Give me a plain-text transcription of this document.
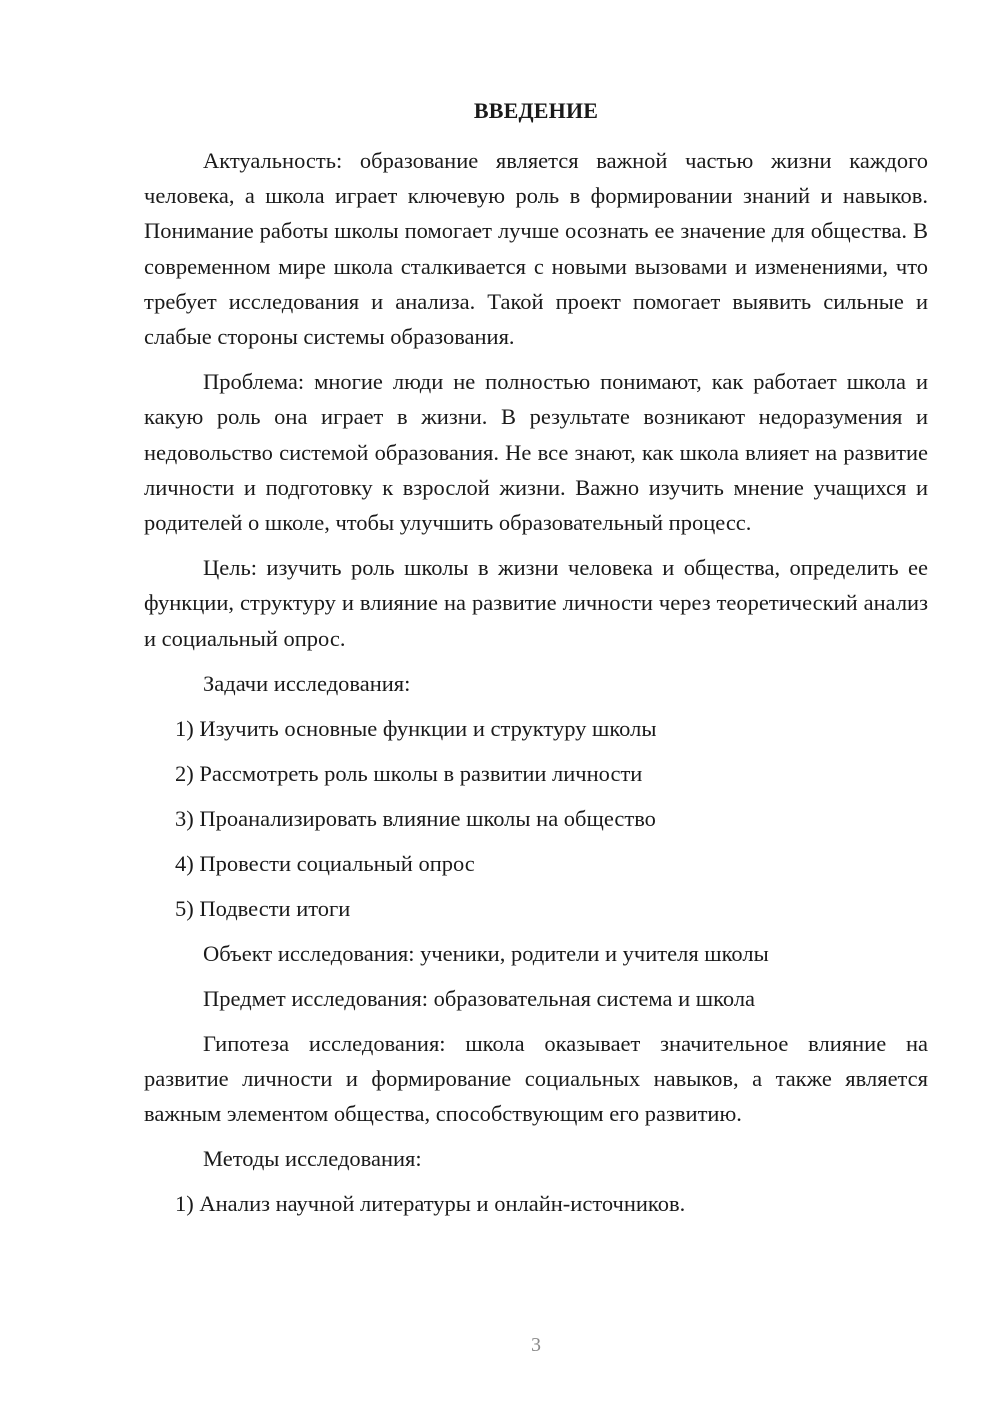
ВВЕДЕНИЕ

Актуальность: образование является важной частью жизни каждого человека, а школа играет ключевую роль в формировании знаний и навыков. Понимание работы школы помогает лучше осознать ее значение для общества. В современном мире школа сталкивается с новыми вызовами и изменениями, что требует исследования и анализа. Такой проект помогает выявить сильные и слабые стороны системы образования.

Проблема: многие люди не полностью понимают, как работает школа и какую роль она играет в жизни. В результате возникают недоразумения и недовольство системой образования. Не все знают, как школа влияет на развитие личности и подготовку к взрослой жизни. Важно изучить мнение учащихся и родителей о школе, чтобы улучшить образовательный процесс.

Цель: изучить роль школы в жизни человека и общества, определить ее функции, структуру и влияние на развитие личности через теоретический анализ и социальный опрос.

Задачи исследования:

1) Изучить основные функции и структуру школы

2) Рассмотреть роль школы в развитии личности

3) Проанализировать влияние школы на общество

4) Провести социальный опрос

5) Подвести итоги

Объект исследования: ученики, родители и учителя школы

Предмет исследования: образовательная система и школа

Гипотеза исследования: школа оказывает значительное влияние на развитие личности и формирование социальных навыков, а также является важным элементом общества, способствующим его развитию.

Методы исследования:

1) Анализ научной литературы и онлайн-источников.

3
